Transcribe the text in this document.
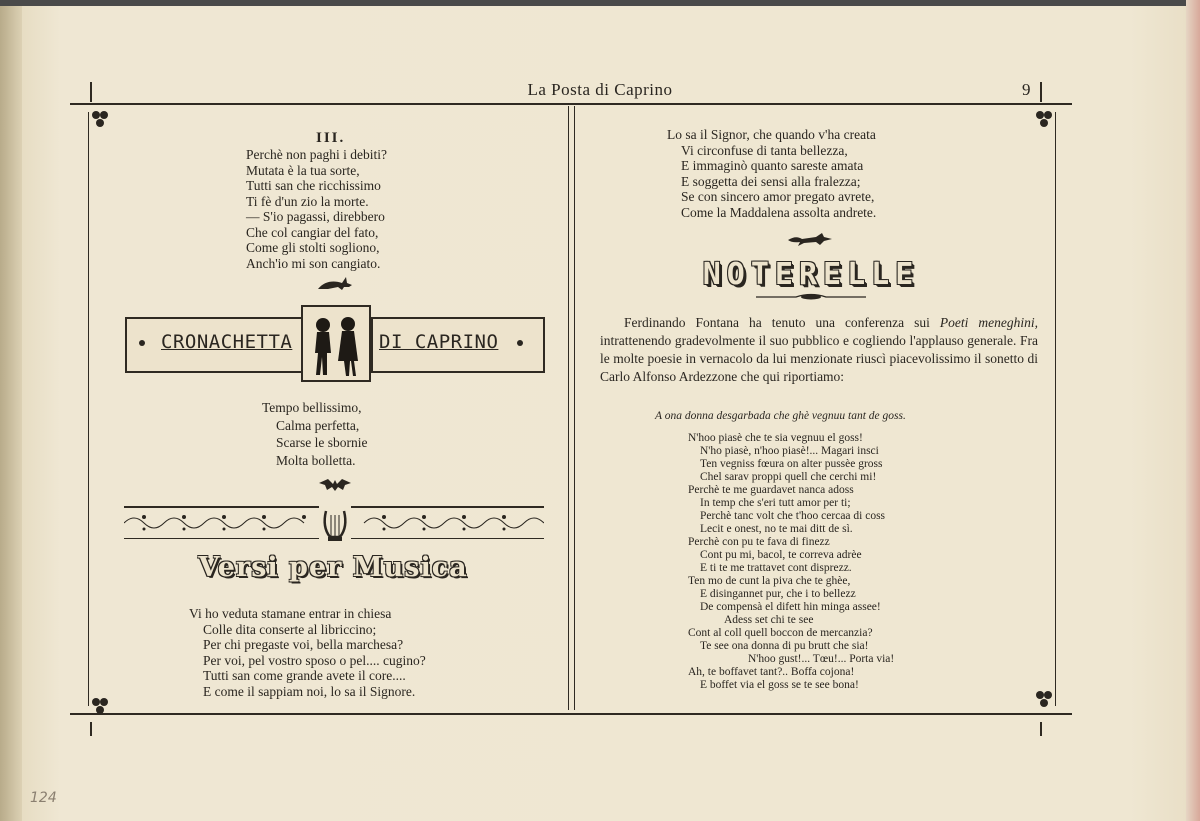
La Posta di Caprino	9
III.
Perchè non paghi i debiti?
Mutata è la tua sorte,
Tutti san che ricchissimo
Ti fè d'un zio la morte.
— S'io pagassi, direbbero
Che col cangiar del fato,
Come gli stolti sogliono,
Anch'io mi son cangiato.
CRONACHETTA	DI CAPRINO
Tempo bellissimo,
Calma perfetta,
Scarse le sbornie
Molta bolletta.
Versi per Musica
Vi ho veduta stamane entrar in chiesa
Colle dita conserte al libriccino;
Per chi pregaste voi, bella marchesa?
Per voi, pel vostro sposo o pel.... cugino?
Tutti san come grande avete il core....
E come il sappiam noi, lo sa il Signore.
Lo sa il Signor, che quando v'ha creata
Vi circonfuse di tanta bellezza,
E immaginò quanto sareste amata
E soggetta dei sensi alla fralezza;
Se con sincero amor pregato avrete,
Come la Maddalena assolta andrete.
NOTERELLE

Ferdinando Fontana ha tenuto una conferenza sui Poeti meneghini, intrattenendo gradevolmente il suo pubblico e cogliendo l'applauso generale. Fra le molte poesie in vernacolo da lui menzionate riuscì piacevolissimo il sonetto di Carlo Alfonso Ardezzone che qui riportiamo:

A ona donna desgarbada che ghè vegnuu tant de goss.
N'hoo piasè che te sia vegnuu el goss!
N'ho piasè, n'hoo piasè!... Magari insci
Ten vegniss fœura on alter pussèe gross
Chel sarav proppi quell che cerchi mi!
Perchè te me guardavet nanca adoss
In temp che s'eri tutt amor per ti;
Perchè tanc volt che t'hoo cercaa di coss
Lecit e onest, no te mai ditt de sì.
Perchè con pu te fava di finezz
Cont pu mi, bacol, te correva adrèe
E ti te me trattavet cont disprezz.
Ten mo de cunt la piva che te ghèe,
E disingannet pur, che i to bellezz
De compensà el difett hin minga assee!
Adess set chi te see
Cont al coll quell boccon de mercanzia?
Te see ona donna di pu brutt che sia!
N'hoo gust!... Tœu!... Porta via!
Ah, te boffavet tant?.. Boffa cojona!
E boffet via el goss se te see bona!
124
